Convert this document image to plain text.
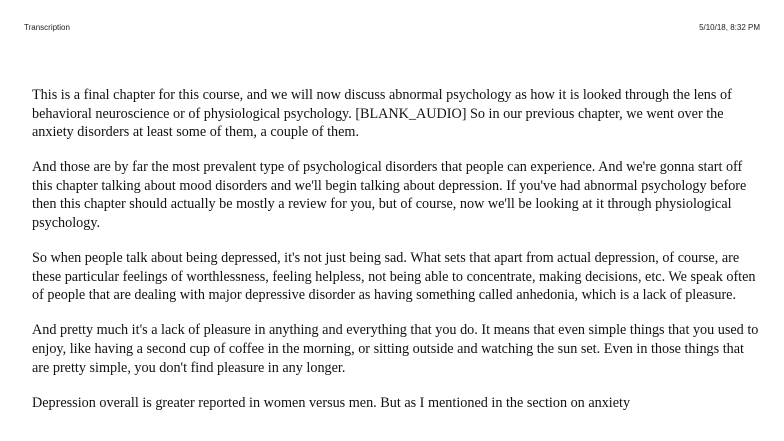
Transcription	5/10/18, 8:32 PM

This is a final chapter for this course, and we will now discuss abnormal psychology as how it is looked through the lens of behavioral neuroscience or of physiological psychology. [BLANK_AUDIO] So in our previous chapter, we went over the anxiety disorders at least some of them, a couple of them.

And those are by far the most prevalent type of psychological disorders that people can experience. And we're gonna start off this chapter talking about mood disorders and we'll begin talking about depression. If you've had abnormal psychology before then this chapter should actually be mostly a review for you, but of course, now we'll be looking at it through physiological psychology.

So when people talk about being depressed, it's not just being sad. What sets that apart from actual depression, of course, are these particular feelings of worthlessness, feeling helpless, not being able to concentrate, making decisions, etc. We speak often of people that are dealing with major depressive disorder as having something called anhedonia, which is a lack of pleasure.

And pretty much it's a lack of pleasure in anything and everything that you do. It means that even simple things that you used to enjoy, like having a second cup of coffee in the morning, or sitting outside and watching the sun set. Even in those things that are pretty simple, you don't find pleasure in any longer.

Depression overall is greater reported in women versus men. But as I mentioned in the section on anxiety
